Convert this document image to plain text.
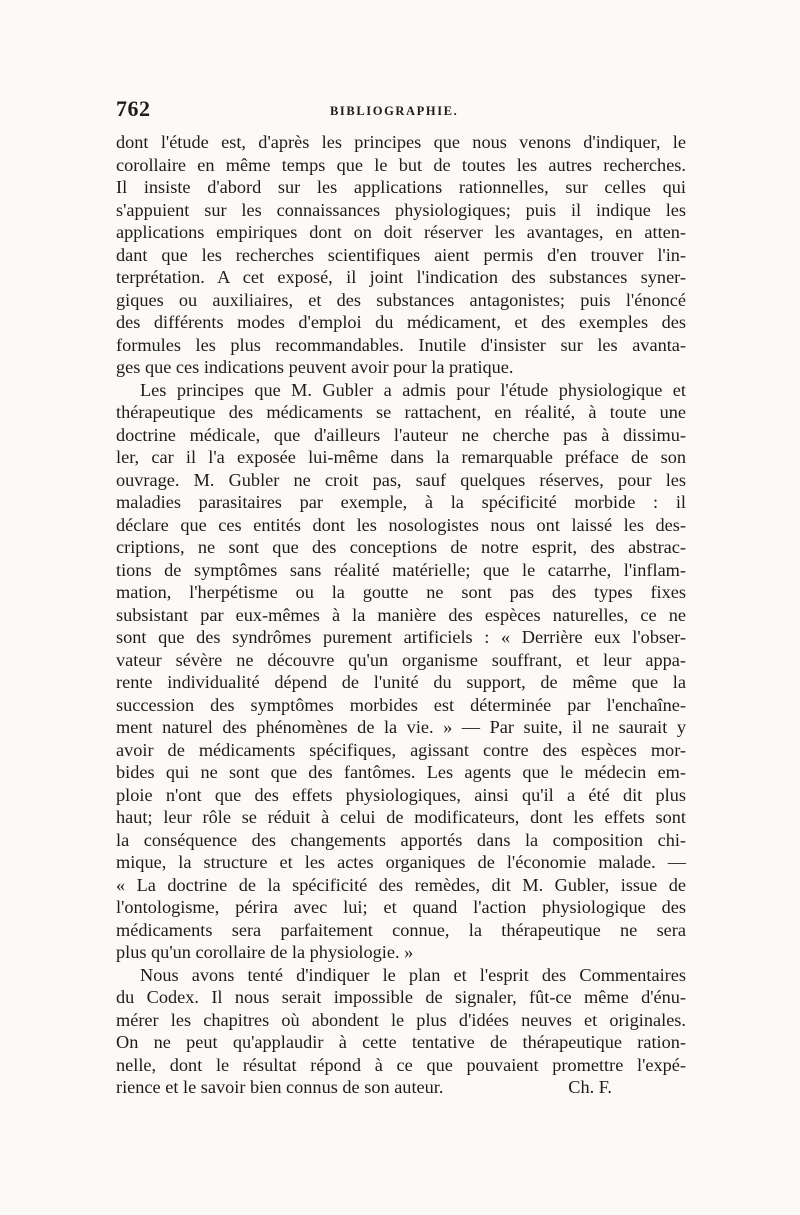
762	BIBLIOGRAPHIE.
dont l'étude est, d'après les principes que nous venons d'indiquer, le
corollaire en même temps que le but de toutes les autres recherches.
Il insiste d'abord sur les applications rationnelles, sur celles qui
s'appuient sur les connaissances physiologiques; puis il indique les
applications empiriques dont on doit réserver les avantages, en atten-
dant que les recherches scientifiques aient permis d'en trouver l'in-
terprétation. A cet exposé, il joint l'indication des substances syner-
giques ou auxiliaires, et des substances antagonistes; puis l'énoncé
des différents modes d'emploi du médicament, et des exemples des
formules les plus recommandables. Inutile d'insister sur les avanta-
ges que ces indications peuvent avoir pour la pratique.
Les principes que M. Gubler a admis pour l'étude physiologique et
thérapeutique des médicaments se rattachent, en réalité, à toute une
doctrine médicale, que d'ailleurs l'auteur ne cherche pas à dissimu-
ler, car il l'a exposée lui-même dans la remarquable préface de son
ouvrage. M. Gubler ne croit pas, sauf quelques réserves, pour les
maladies parasitaires par exemple, à la spécificité morbide : il
déclare que ces entités dont les nosologistes nous ont laissé les des-
criptions, ne sont que des conceptions de notre esprit, des abstrac-
tions de symptômes sans réalité matérielle; que le catarrhe, l'inflam-
mation, l'herpétisme ou la goutte ne sont pas des types fixes
subsistant par eux-mêmes à la manière des espèces naturelles, ce ne
sont que des syndrômes purement artificiels : « Derrière eux l'obser-
vateur sévère ne découvre qu'un organisme souffrant, et leur appa-
rente individualité dépend de l'unité du support, de même que la
succession des symptômes morbides est déterminée par l'enchaîne-
ment naturel des phénomènes de la vie. » — Par suite, il ne saurait y
avoir de médicaments spécifiques, agissant contre des espèces mor-
bides qui ne sont que des fantômes. Les agents que le médecin em-
ploie n'ont que des effets physiologiques, ainsi qu'il a été dit plus
haut; leur rôle se réduit à celui de modificateurs, dont les effets sont
la conséquence des changements apportés dans la composition chi-
mique, la structure et les actes organiques de l'économie malade. —
« La doctrine de la spécificité des remèdes, dit M. Gubler, issue de
l'ontologisme, périra avec lui; et quand l'action physiologique des
médicaments sera parfaitement connue, la thérapeutique ne sera
plus qu'un corollaire de la physiologie. »
Nous avons tenté d'indiquer le plan et l'esprit des Commentaires
du Codex. Il nous serait impossible de signaler, fût-ce même d'énu-
mérer les chapitres où abondent le plus d'idées neuves et originales.
On ne peut qu'applaudir à cette tentative de thérapeutique ration-
nelle, dont le résultat répond à ce que pouvaient promettre l'expé-
rience et le savoir bien connus de son auteur.	Ch. F.
